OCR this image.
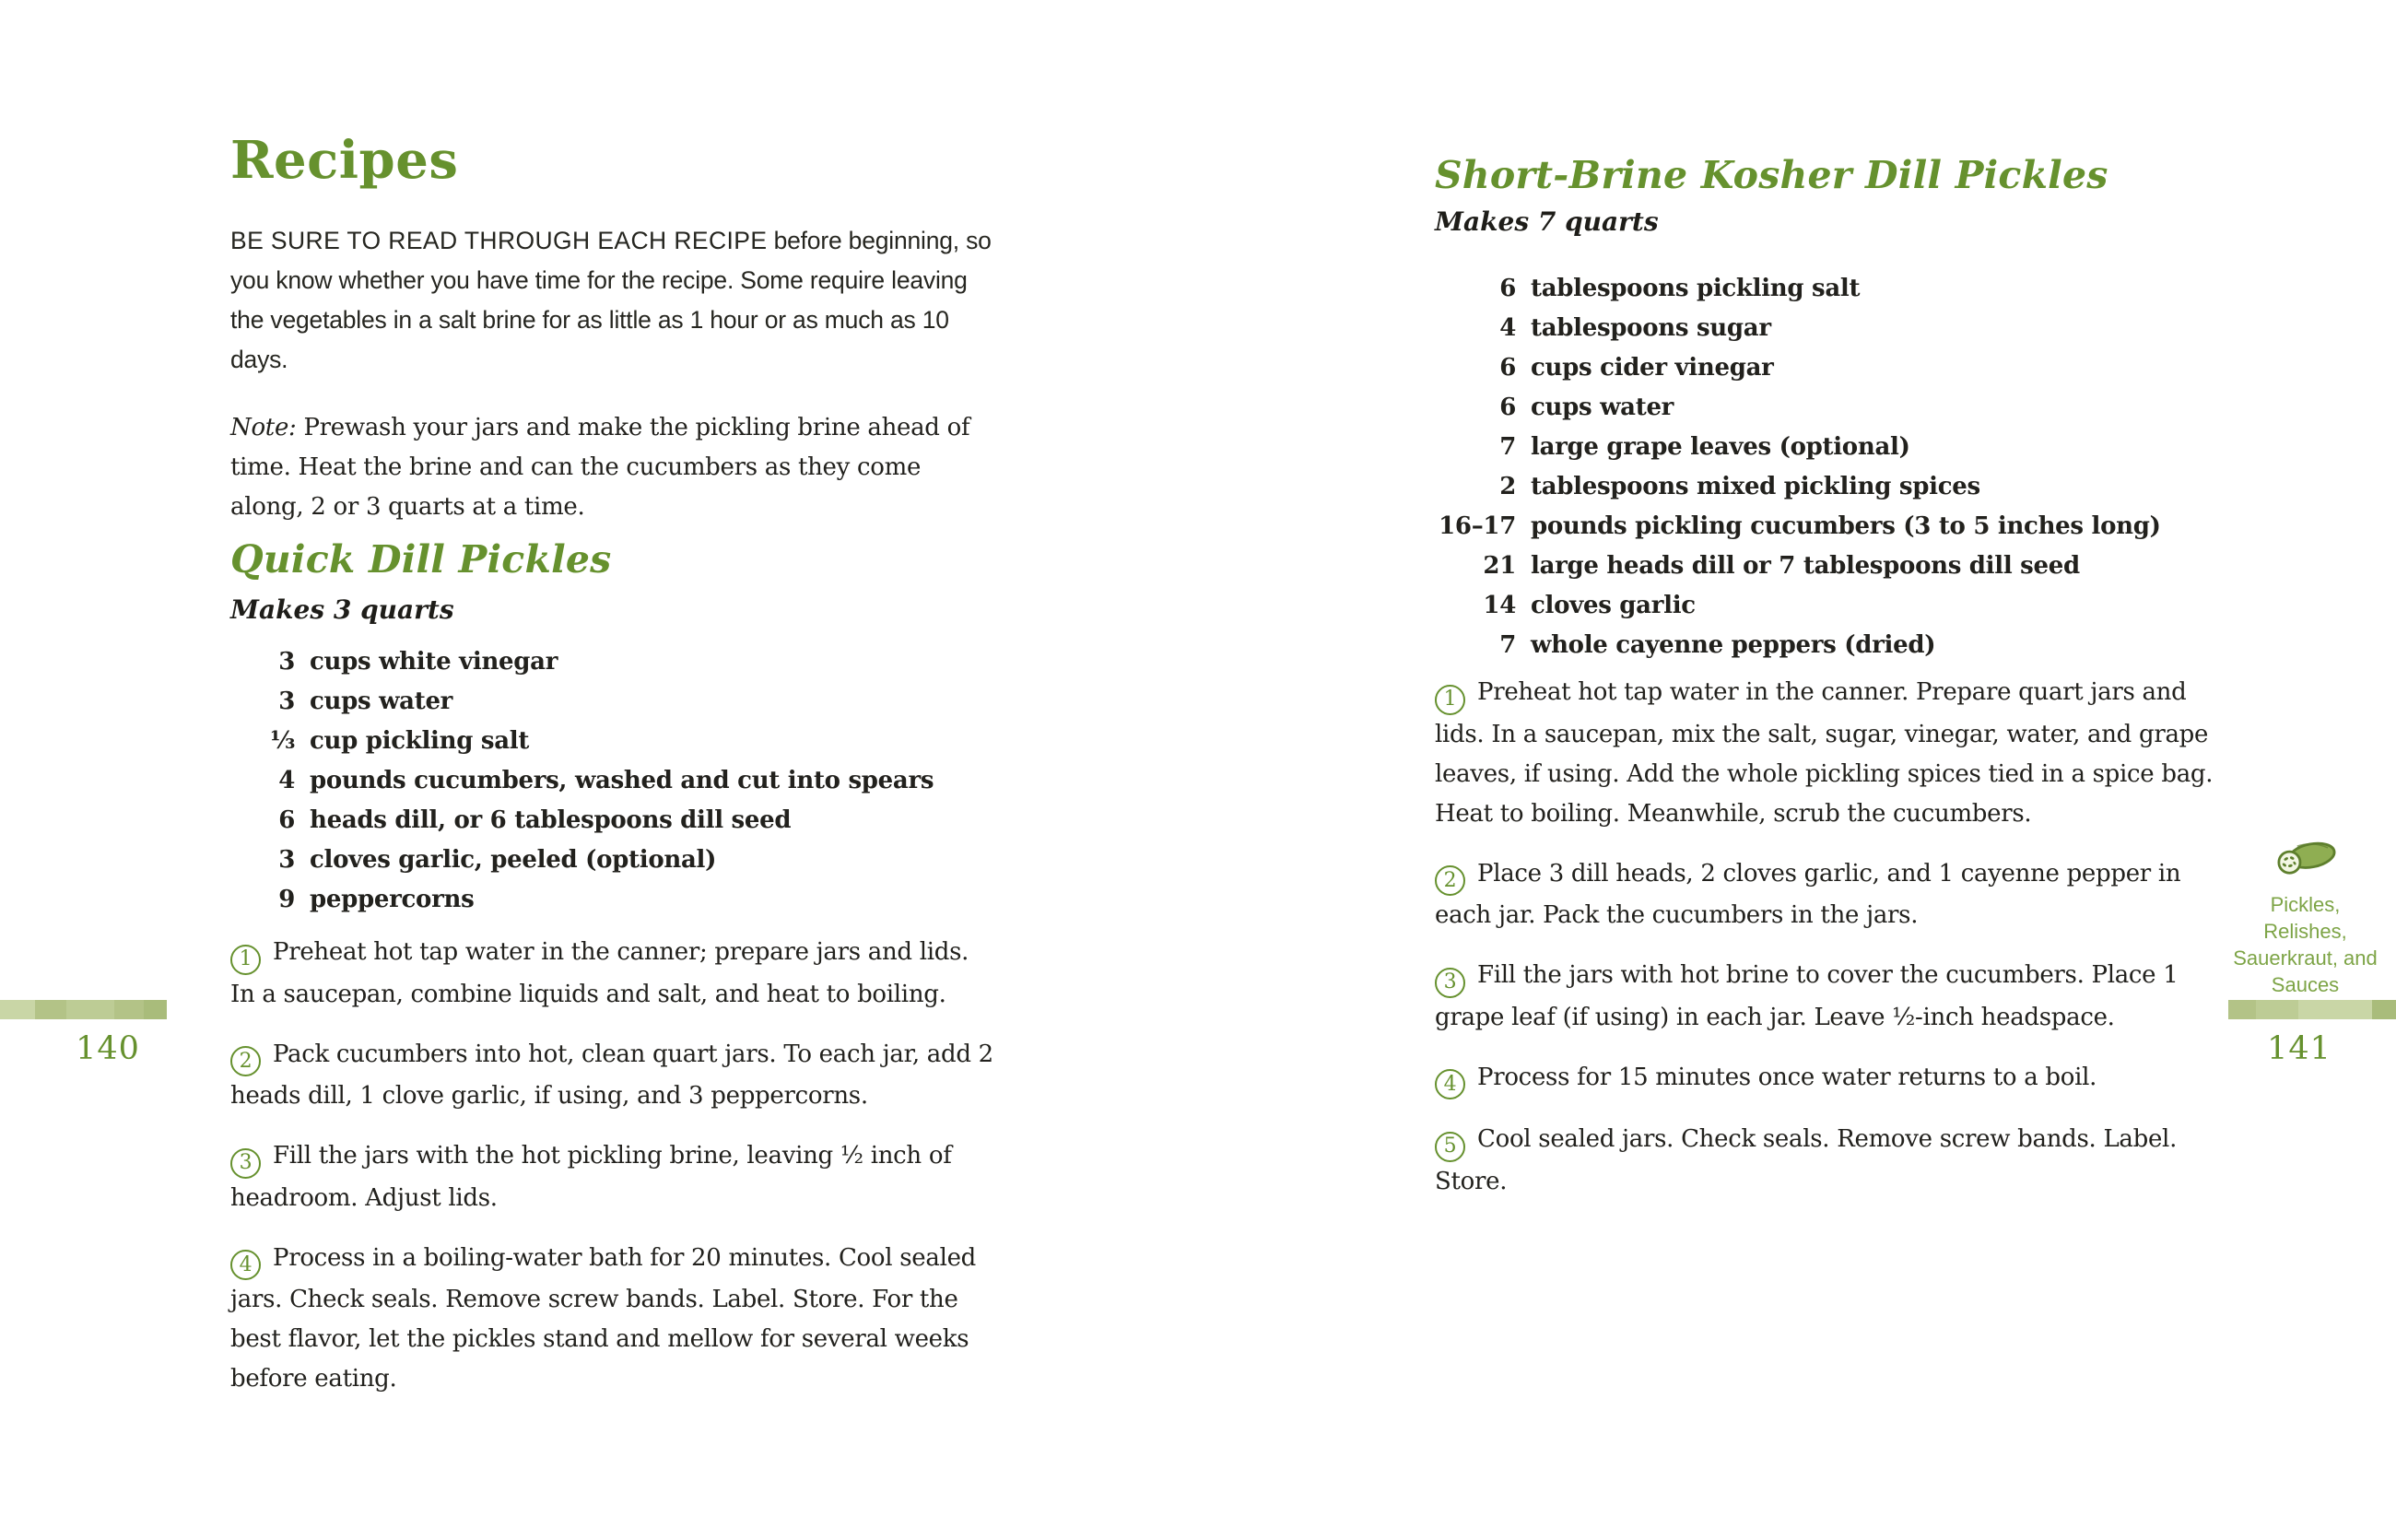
Recipes

BE SURE TO READ THROUGH EACH RECIPE before beginning, so you know whether you have time for the recipe. Some require leaving the vegetables in a salt brine for as little as 1 hour or as much as 10 days.

Note: Prewash your jars and make the pickling brine ahead of time. Heat the brine and can the cucumbers as they come along, 2 or 3 quarts at a time.

Quick Dill Pickles

Makes 3 quarts

3 cups white vinegar
3 cups water
⅓ cup pickling salt
4 pounds cucumbers, washed and cut into spears
6 heads dill, or 6 tablespoons dill seed
3 cloves garlic, peeled (optional)
9 peppercorns

1 Preheat hot tap water in the canner; prepare jars and lids. In a saucepan, combine liquids and salt, and heat to boiling.

2 Pack cucumbers into hot, clean quart jars. To each jar, add 2 heads dill, 1 clove garlic, if using, and 3 peppercorns.

3 Fill the jars with the hot pickling brine, leaving ½ inch of headroom. Adjust lids.

4 Process in a boiling-water bath for 20 minutes. Cool sealed jars. Check seals. Remove screw bands. Label. Store. For the best flavor, let the pickles stand and mellow for several weeks before eating.

Short-Brine Kosher Dill Pickles

Makes 7 quarts

6 tablespoons pickling salt
4 tablespoons sugar
6 cups cider vinegar
6 cups water
7 large grape leaves (optional)
2 tablespoons mixed pickling spices
16–17 pounds pickling cucumbers (3 to 5 inches long)
21 large heads dill or 7 tablespoons dill seed
14 cloves garlic
7 whole cayenne peppers (dried)

1 Preheat hot tap water in the canner. Prepare quart jars and lids. In a saucepan, mix the salt, sugar, vinegar, water, and grape leaves, if using. Add the whole pickling spices tied in a spice bag. Heat to boiling. Meanwhile, scrub the cucumbers.

2 Place 3 dill heads, 2 cloves garlic, and 1 cayenne pepper in each jar. Pack the cucumbers in the jars.

3 Fill the jars with hot brine to cover the cucumbers. Place 1 grape leaf (if using) in each jar. Leave ½-inch headspace.

4 Process for 15 minutes once water returns to a boil.

5 Cool sealed jars. Check seals. Remove screw bands. Label. Store.

140	141

Pickles, Relishes, Sauerkraut, and Sauces
